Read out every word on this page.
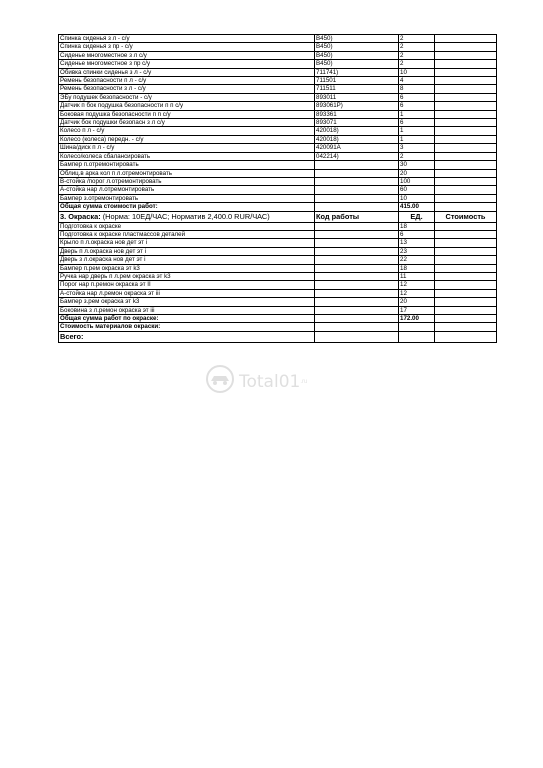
Спинка сиденья з л - с/у	B450)	2	
Спинка сиденья з пр - с/у	B450)	2	
Сиденье многоместное з л с/у	B450)	2	
Сиденье многоместное з пр с/у	B450)	2	
Обивка спинки сиденья з л - с/у	711741)	10	
Ремень безопасности п л - с/у	711501	4	
Ремень безопасности з л - с/у	711511	8	
ЭБу подушек безопасности - с/у	893011	6	
Датчик п бок подушка безопасности п п с/у	893061P)	6	
Боковая подушка безопасности п п с/у	893361	1	
Датчик бок подушки безопасн з л с/у	893071	6	
Колесо п л - с/у	420018)	1	
Колесо (колеса) передн. - с/у	420018)	1	
Шина/диск п л - с/у	420091A	3	
Колесо/колеса сбалансировать	042214)	2	
Бампер п.отремонтировать		30	
Облиц.в арка кол п л.отремонтировать		20	
В-стойка /порог л.отремонтировать		100	
А-стойка нар л.отремонтировать		60	
Бампер з.отремонтировать		10	
Общая сумма стоимости работ:		415.00	
3. Окраска: (Норма: 10ЕД/ЧАС; Норматив 2,400.0 RUR/ЧАС)	Код работы	ЕД.	Стоимость
Подготовка к окраске		18	
Подготовка к окраске пластмассов деталей		6	
Крыло п л.окраска нов дет эт i		13	
Дверь п л.окраска нов дет эт i		23	
Дверь з л.окраска нов дет эт i		22	
Бампер п.рем окраска эт k3		18	
Ручка нар дверь п л.рем окраска эт k3		11	
Порог нар п.ремон окраска эт II		12	
А-стойка нар л.ремон окраска эт iii		12	
Бампер з.рем окраска эт k3		20	
Боковина з л.ремон окраска эт iii		17	
Общая сумма работ по окраске:		172.00	
Стоимость материалов окраски:			
Всего:			
Total01 .ru
